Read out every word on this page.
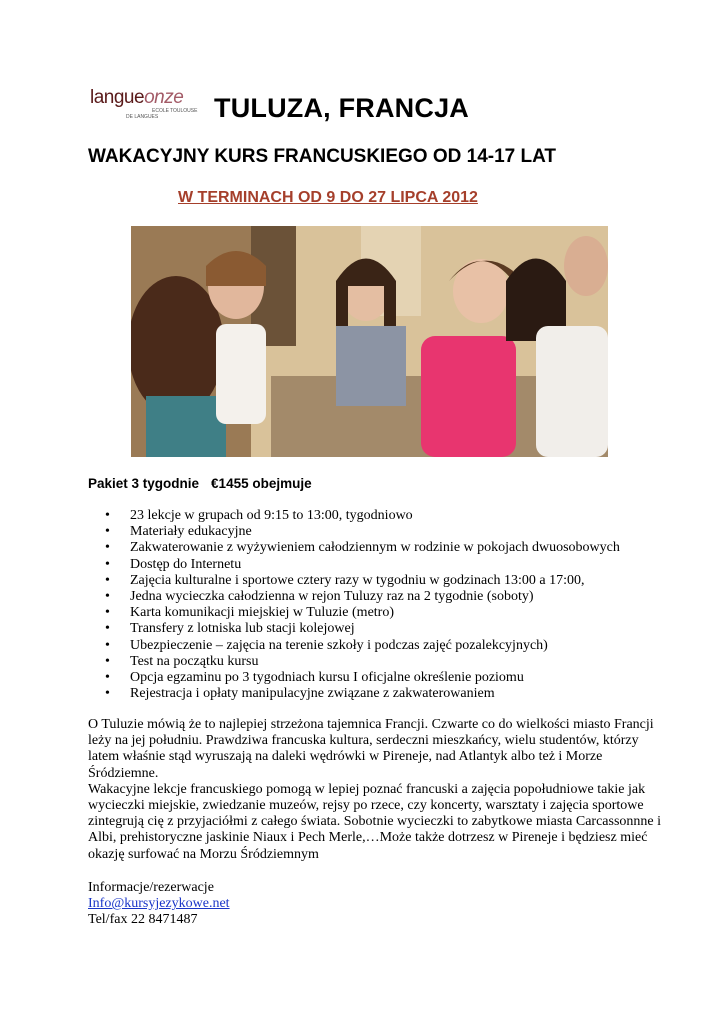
langueonze
ECOLE TOULOUSE
DE LANGUES TULUZA, FRANCJA
WAKACYJNY KURS FRANCUSKIEGO OD 14-17 LAT
W TERMINACH OD 9 DO 27 LIPCA 2012
Pakiet 3 tygodnie €1455 obejmuje
• 23 lekcje w grupach od 9:15 to 13:00, tygodniowo
• Materiały edukacyjne
• Zakwaterowanie z wyżywieniem całodziennym w rodzinie w pokojach dwuosobowych
• Dostęp do Internetu
• Zajęcia kulturalne i sportowe cztery razy w tygodniu w godzinach 13:00 a 17:00,
• Jedna wycieczka całodzienna w rejon Tuluzy raz na 2 tygodnie (soboty)
• Karta komunikacji miejskiej w Tuluzie (metro)
• Transfery z lotniska lub stacji kolejowej
• Ubezpieczenie – zajęcia na terenie szkoły i podczas zajęć pozalekcyjnych)
• Test na początku kursu
• Opcja egzaminu po 3 tygodniach kursu I oficjalne określenie poziomu
• Rejestracja i opłaty manipulacyjne związane z zakwaterowaniem
O Tuluzie mówią że to najlepiej strzeżona tajemnica Francji. Czwarte co do wielkości miasto Francji leży na jej południu. Prawdziwa francuska kultura, serdeczni mieszkańcy, wielu studentów, którzy latem właśnie stąd wyruszają na daleki wędrówki w Pireneje, nad Atlantyk albo też i Morze Śródziemne.
Wakacyjne lekcje francuskiego pomogą w lepiej poznać francuski a zajęcia popołudniowe takie jak wycieczki miejskie, zwiedzanie muzeów, rejsy po rzece, czy koncerty, warsztaty i zajęcia sportowe zintegrują cię z przyjaciółmi z całego świata. Sobotnie wycieczki to zabytkowe miasta Carcassonnne i Albi, prehistoryczne jaskinie Niaux i Pech Merle,…Może także dotrzesz w Pireneje i będziesz mieć okazję surfować na Morzu Śródziemnym
Informacje/rezerwacje
Info@kursyjezykowe.net
Tel/fax 22 8471487
